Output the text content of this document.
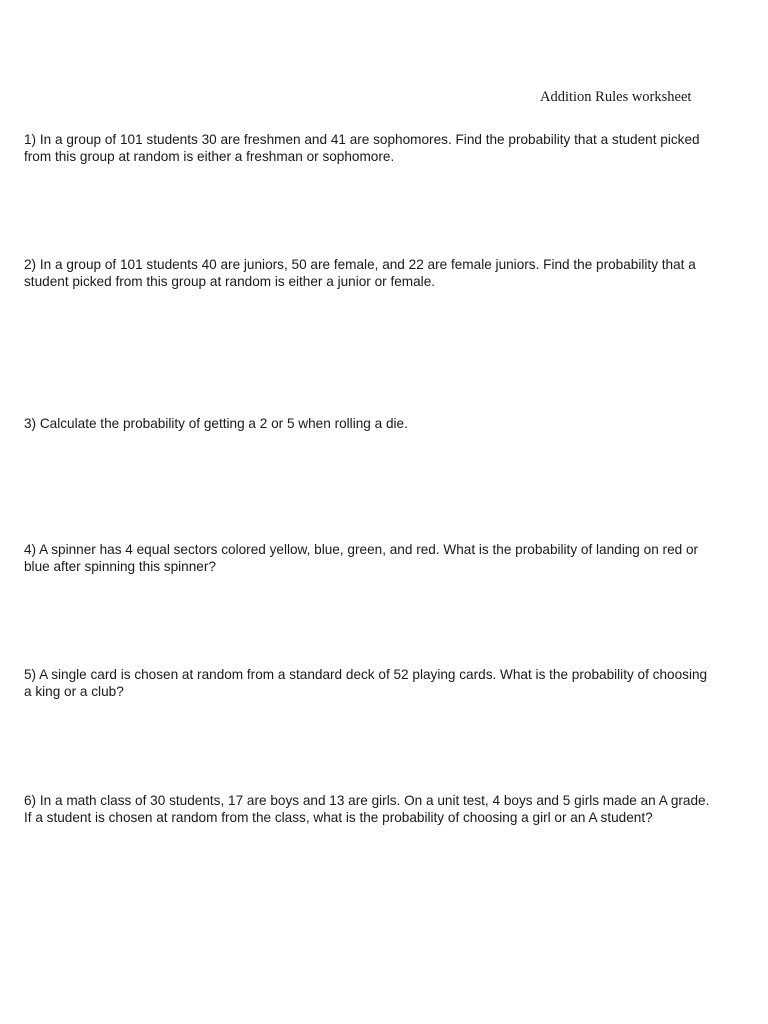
Addition Rules worksheet
1) In a group of 101 students 30 are freshmen and 41 are sophomores. Find the probability that a student picked
from this group at random is either a freshman or sophomore.
2) In a group of 101 students 40 are juniors, 50 are female, and 22 are female juniors. Find the probability that a
student picked from this group at random is either a junior or female.
3) Calculate the probability of getting a 2 or 5 when rolling a die.
4) A spinner has 4 equal sectors colored yellow, blue, green, and red. What is the probability of landing on red or
blue after spinning this spinner?
5) A single card is chosen at random from a standard deck of 52 playing cards. What is the probability of choosing
a king or a club?
6) In a math class of 30 students, 17 are boys and 13 are girls. On a unit test, 4 boys and 5 girls made an A grade.
If a student is chosen at random from the class, what is the probability of choosing a girl or an A student?
